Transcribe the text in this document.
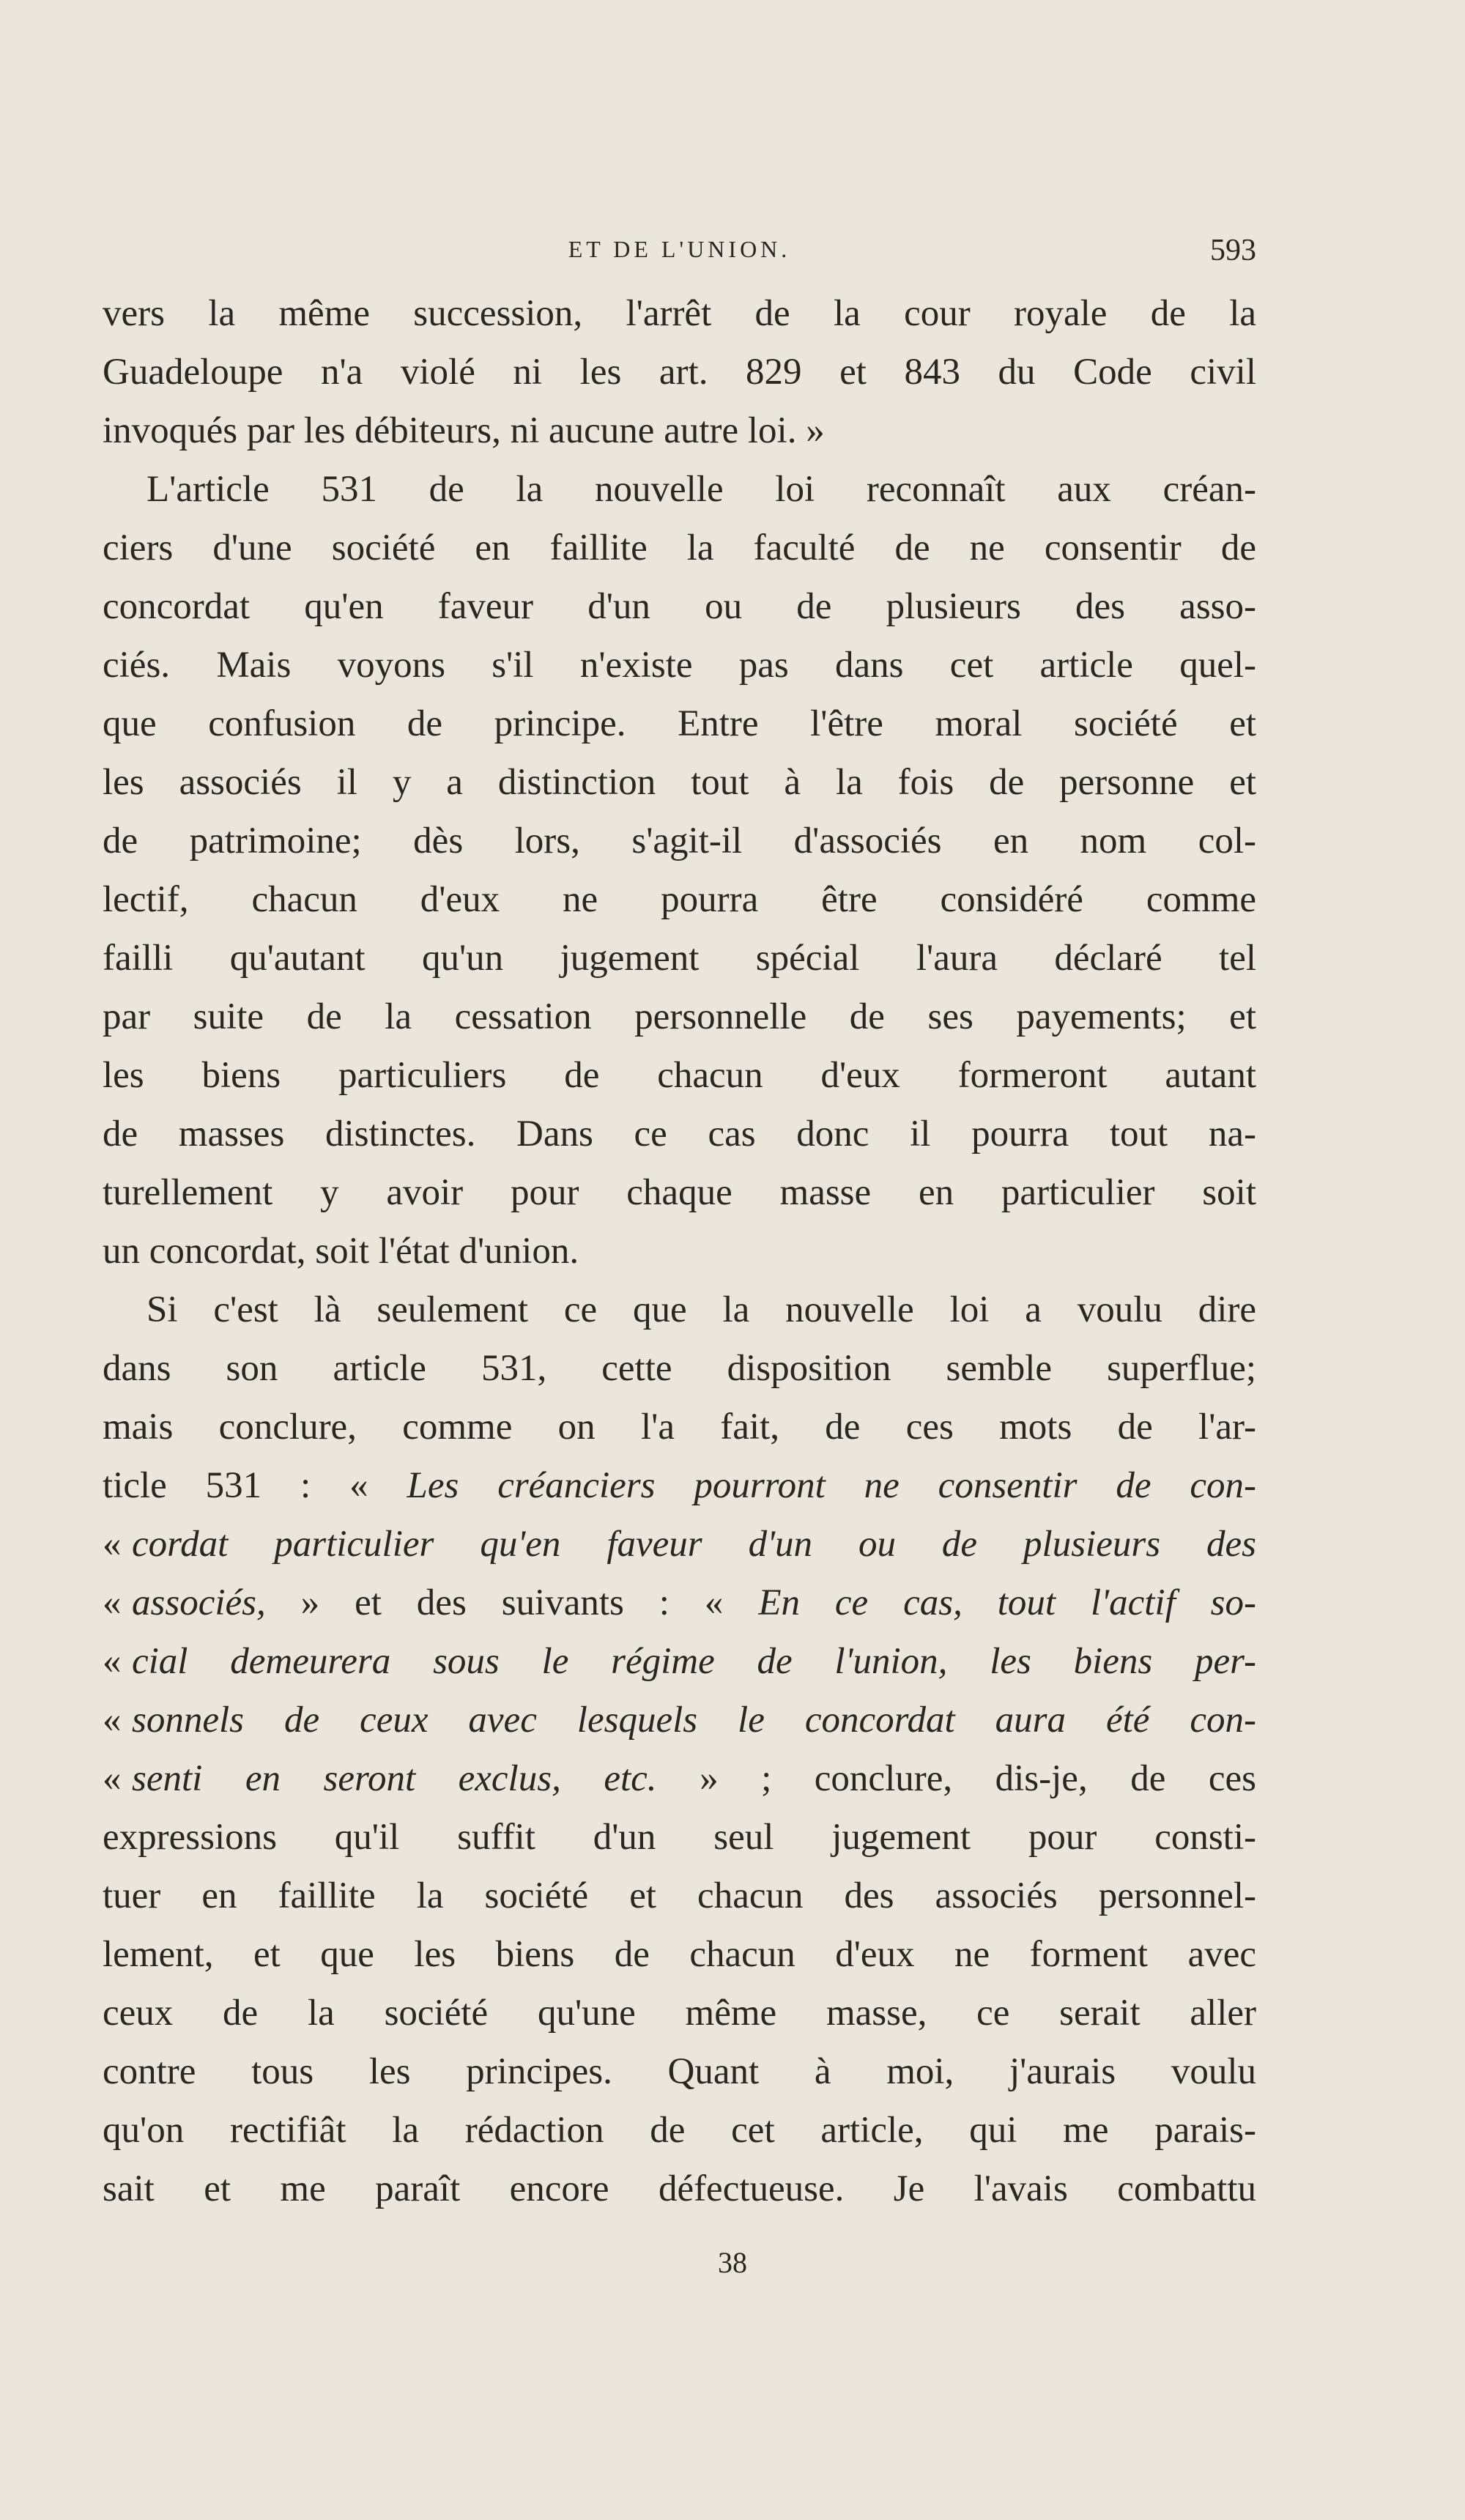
ET DE L'UNION.	593
vers la même succession, l'arrêt de la cour royale de la
Guadeloupe n'a violé ni les art. 829 et 843 du Code civil
invoqués par les débiteurs, ni aucune autre loi. »
L'article 531 de la nouvelle loi reconnaît aux créan-
ciers d'une société en faillite la faculté de ne consentir de
concordat qu'en faveur d'un ou de plusieurs des asso-
ciés. Mais voyons s'il n'existe pas dans cet article quel-
que confusion de principe. Entre l'être moral société et
les associés il y a distinction tout à la fois de personne et
de patrimoine; dès lors, s'agit-il d'associés en nom col-
lectif, chacun d'eux ne pourra être considéré comme
failli qu'autant qu'un jugement spécial l'aura déclaré tel
par suite de la cessation personnelle de ses payements; et
les biens particuliers de chacun d'eux formeront autant
de masses distinctes. Dans ce cas donc il pourra tout na-
turellement y avoir pour chaque masse en particulier soit
un concordat, soit l'état d'union.
Si c'est là seulement ce que la nouvelle loi a voulu dire
dans son article 531, cette disposition semble superflue;
mais conclure, comme on l'a fait, de ces mots de l'ar-
ticle 531 : « Les créanciers pourront ne consentir de con-
« cordat particulier qu'en faveur d'un ou de plusieurs des
« associés, » et des suivants : « En ce cas, tout l'actif so-
« cial demeurera sous le régime de l'union, les biens per-
« sonnels de ceux avec lesquels le concordat aura été con-
« senti en seront exclus, etc. » ; conclure, dis-je, de ces
expressions qu'il suffit d'un seul jugement pour consti-
tuer en faillite la société et chacun des associés personnel-
lement, et que les biens de chacun d'eux ne forment avec
ceux de la société qu'une même masse, ce serait aller
contre tous les principes. Quant à moi, j'aurais voulu
qu'on rectifiât la rédaction de cet article, qui me parais-
sait et me paraît encore défectueuse. Je l'avais combattu
38
